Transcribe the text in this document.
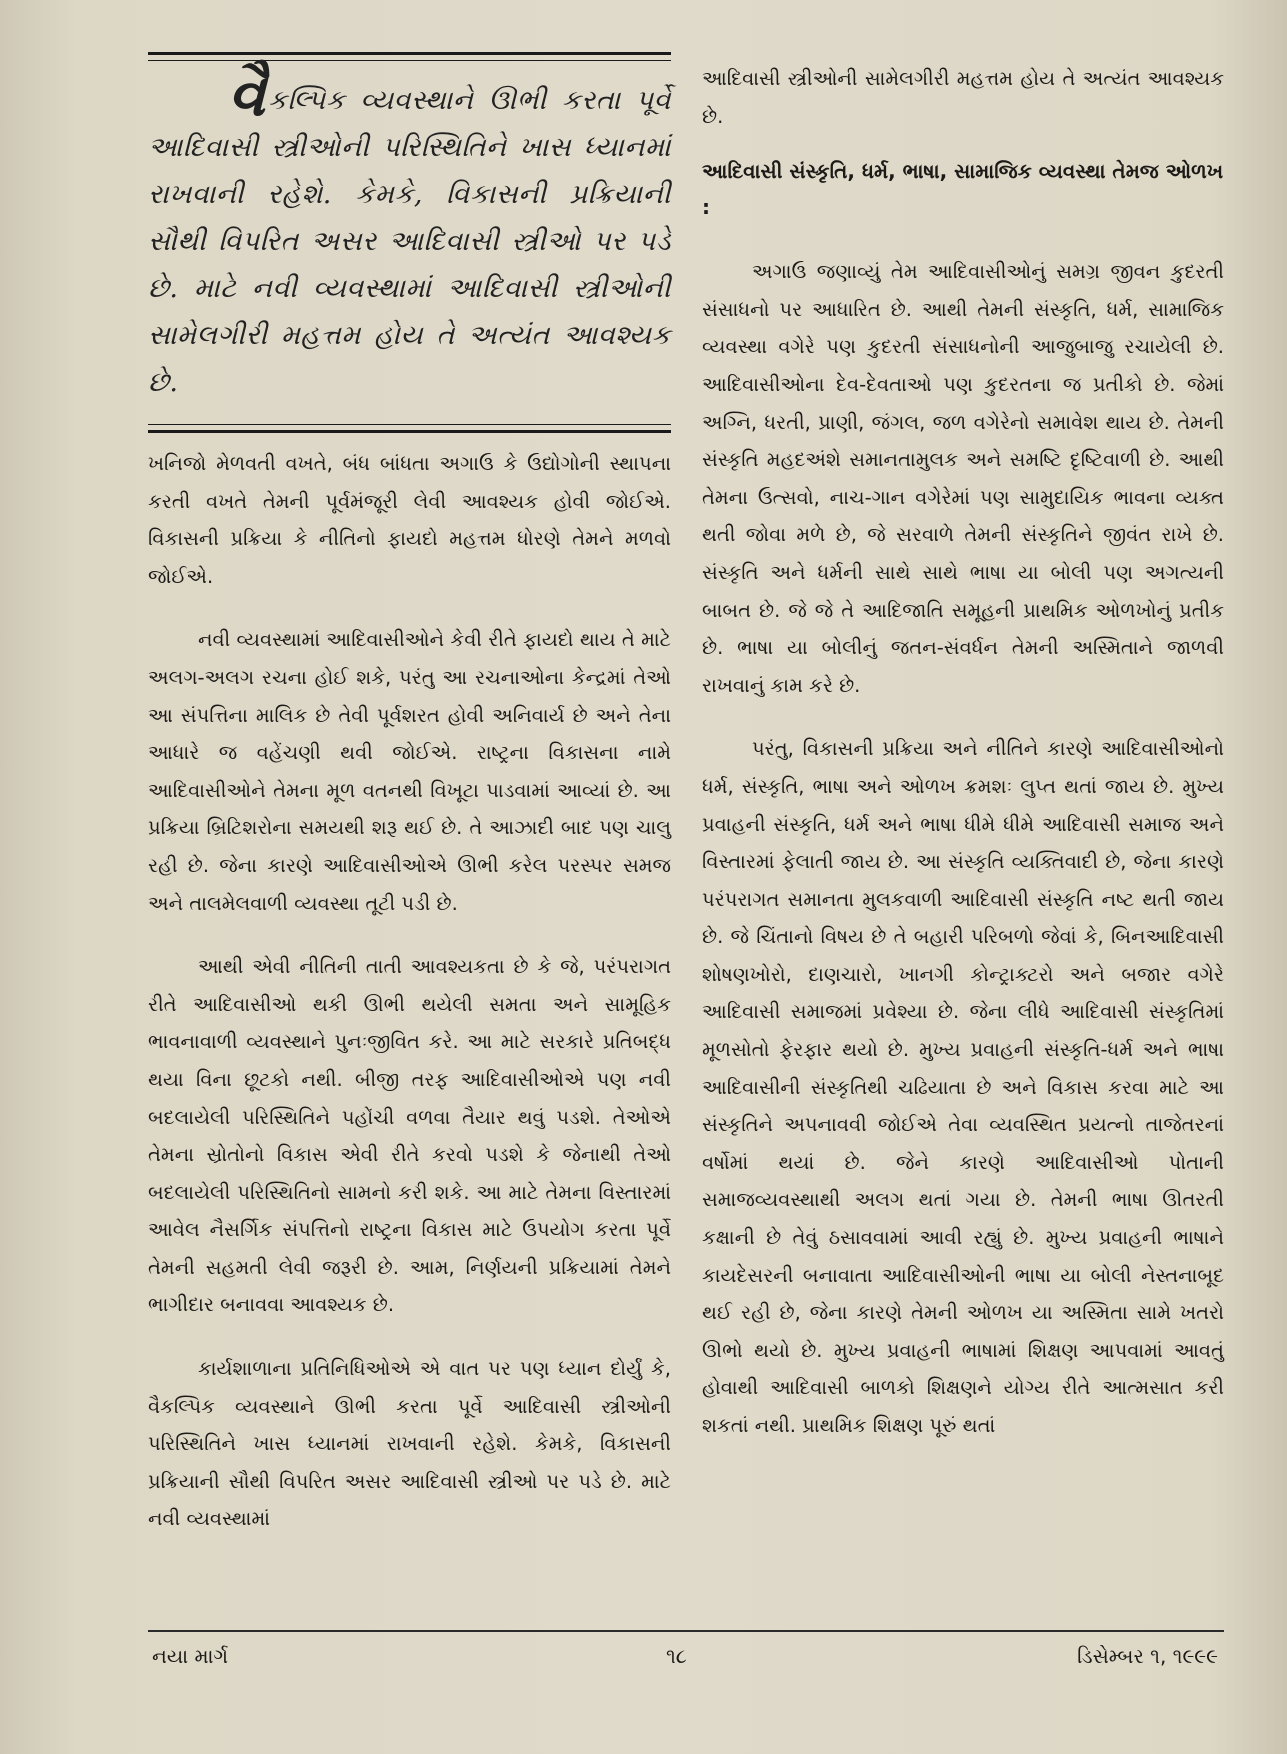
વૈકલ્પિક વ્યવસ્થાને ઊભી કરતા પૂર્વે આદિવાસી સ્ત્રીઓની પરિસ્થિતિને ખાસ ધ્યાનમાં રાખવાની રહેશે. કેમકે, વિકાસની પ્રક્રિયાની સૌથી વિપરિત અસર આદિવાસી સ્ત્રીઓ પર પડે છે. માટે નવી વ્યવસ્થામાં આદિવાસી સ્ત્રીઓની સામેલગીરી મહત્તમ હોય તે અત્યંત આવશ્યક છે.

ખનિજો મેળવતી વખતે, બંધ બાંધતા અગાઉ કે ઉદ્યોગોની સ્થાપના કરતી વખતે તેમની પૂર્વમંજૂરી લેવી આવશ્યક હોવી જોઈએ. વિકાસની પ્રક્રિયા કે નીતિનો ફાયદો મહત્તમ ધોરણે તેમને મળવો જોઈએ.

નવી વ્યવસ્થામાં આદિવાસીઓને કેવી રીતે ફાયદો થાય તે માટે અલગ-અલગ રચના હોઈ શકે, પરંતુ આ રચનાઓના કેન્દ્રમાં તેઓ આ સંપત્તિના માલિક છે તેવી પૂર્વશરત હોવી અનિવાર્ય છે અને તેના આધારે જ વહેંચણી થવી જોઈએ. રાષ્ટ્રના વિકાસના નામે આદિવાસીઓને તેમના મૂળ વતનથી વિખૂટા પાડવામાં આવ્યાં છે. આ પ્રક્રિયા બ્રિટિશરોના સમયથી શરૂ થઈ છે. તે આઝાદી બાદ પણ ચાલુ રહી છે. જેના કારણે આદિવાસીઓએ ઊભી કરેલ પરસ્પર સમજ અને તાલમેલવાળી વ્યવસ્થા તૂટી પડી છે.

આથી એવી નીતિની તાતી આવશ્યકતા છે કે જે, પરંપરાગત રીતે આદિવાસીઓ થકી ઊભી થયેલી સમતા અને સામૂહિક ભાવનાવાળી વ્યવસ્થાને પુનઃજીવિત કરે. આ માટે સરકારે પ્રતિબદ્ધ થયા વિના છૂટકો નથી. બીજી તરફ આદિવાસીઓએ પણ નવી બદલાયેલી પરિસ્થિતિને પહોંચી વળવા તૈયાર થવું પડશે. તેઓએ તેમના સ્રોતોનો વિકાસ એવી રીતે કરવો પડશે કે જેનાથી તેઓ બદલાયેલી પરિસ્થિતિનો સામનો કરી શકે. આ માટે તેમના વિસ્તારમાં આવેલ નૈસર્ગિક સંપત્તિનો રાષ્ટ્રના વિકાસ માટે ઉપયોગ કરતા પૂર્વે તેમની સહમતી લેવી જરૂરી છે. આમ, નિર્ણયની પ્રક્રિયામાં તેમને ભાગીદાર બનાવવા આવશ્યક છે.

કાર્યશાળાના પ્રતિનિધિઓએ એ વાત પર પણ ધ્યાન દોર્યું કે, વૈકલ્પિક વ્યવસ્થાને ઊભી કરતા પૂર્વે આદિવાસી સ્ત્રીઓની પરિસ્થિતિને ખાસ ધ્યાનમાં રાખવાની રહેશે. કેમકે, વિકાસની પ્રક્રિયાની સૌથી વિપરિત અસર આદિવાસી સ્ત્રીઓ પર પડે છે. માટે નવી વ્યવસ્થામાં

આદિવાસી સ્ત્રીઓની સામેલગીરી મહત્તમ હોય તે અત્યંત આવશ્યક છે.

આદિવાસી સંસ્કૃતિ, ધર્મ, ભાષા, સામાજિક વ્યવસ્થા તેમજ ઓળખ :

અગાઉ જણાવ્યું તેમ આદિવાસીઓનું સમગ્ર જીવન કુદરતી સંસાધનો પર આધારિત છે. આથી તેમની સંસ્કૃતિ, ધર્મ, સામાજિક વ્યવસ્થા વગેરે પણ કુદરતી સંસાધનોની આજુબાજુ રચાયેલી છે. આદિવાસીઓના દેવ-દેવતાઓ પણ કુદરતના જ પ્રતીકો છે. જેમાં અગ્નિ, ધરતી, પ્રાણી, જંગલ, જળ વગેરેનો સમાવેશ થાય છે. તેમની સંસ્કૃતિ મહદઅંશે સમાનતામુલક અને સમષ્ટિ દૃષ્ટિવાળી છે. આથી તેમના ઉત્સવો, નાચ-ગાન વગેરેમાં પણ સામુદાયિક ભાવના વ્યક્ત થતી જોવા મળે છે, જે સરવાળે તેમની સંસ્કૃતિને જીવંત રાખે છે. સંસ્કૃતિ અને ધર્મની સાથે સાથે ભાષા યા બોલી પણ અગત્યની બાબત છે. જે જે તે આદિજાતિ સમૂહની પ્રાથમિક ઓળખોનું પ્રતીક છે. ભાષા યા બોલીનું જતન-સંવર્ધન તેમની અસ્મિતાને જાળવી રાખવાનું કામ કરે છે.

પરંતુ, વિકાસની પ્રક્રિયા અને નીતિને કારણે આદિવાસીઓનો ધર્મ, સંસ્કૃતિ, ભાષા અને ઓળખ ક્રમશઃ લુપ્ત થતાં જાય છે. મુખ્ય પ્રવાહની સંસ્કૃતિ, ધર્મ અને ભાષા ધીમે ધીમે આદિવાસી સમાજ અને વિસ્તારમાં ફેલાતી જાય છે. આ સંસ્કૃતિ વ્યક્તિવાદી છે, જેના કારણે પરંપરાગત સમાનતા મુલકવાળી આદિવાસી સંસ્કૃતિ નષ્ટ થતી જાય છે. જે ચિંતાનો વિષય છે તે બહારી પરિબળો જેવાં કે, બિનઆદિવાસી શોષણખોરો, દાણચારો, ખાનગી કોન્ટ્રાક્ટરો અને બજાર વગેરે આદિવાસી સમાજમાં પ્રવેશ્યા છે. જેના લીધે આદિવાસી સંસ્કૃતિમાં મૂળસોતો ફેરફાર થયો છે. મુખ્ય પ્રવાહની સંસ્કૃતિ-ધર્મ અને ભાષા આદિવાસીની સંસ્કૃતિથી ચઢિયાતા છે અને વિકાસ કરવા માટે આ સંસ્કૃતિને અપનાવવી જોઈએ તેવા વ્યવસ્થિત પ્રયત્નો તાજેતરનાં વર્ષોમાં થયાં છે. જેને કારણે આદિવાસીઓ પોતાની સમાજવ્યવસ્થાથી અલગ થતાં ગયા છે. તેમની ભાષા ઊતરતી કક્ષાની છે તેવું ઠસાવવામાં આવી રહ્યું છે. મુખ્ય પ્રવાહની ભાષાને કાયદેસરની બનાવાતા આદિવાસીઓની ભાષા યા બોલી નેસ્તનાબૂદ થઈ રહી છે, જેના કારણે તેમની ઓળખ યા અસ્મિતા સામે ખતરો ઊભો થયો છે. મુખ્ય પ્રવાહની ભાષામાં શિક્ષણ આપવામાં આવતું હોવાથી આદિવાસી બાળકો શિક્ષણને યોગ્ય રીતે આત્મસાત કરી શકતાં નથી. પ્રાથમિક શિક્ષણ પૂરું થતાં

નયા માર્ગ	૧૮	ડિસેમ્બર ૧, ૧૯૯૯
